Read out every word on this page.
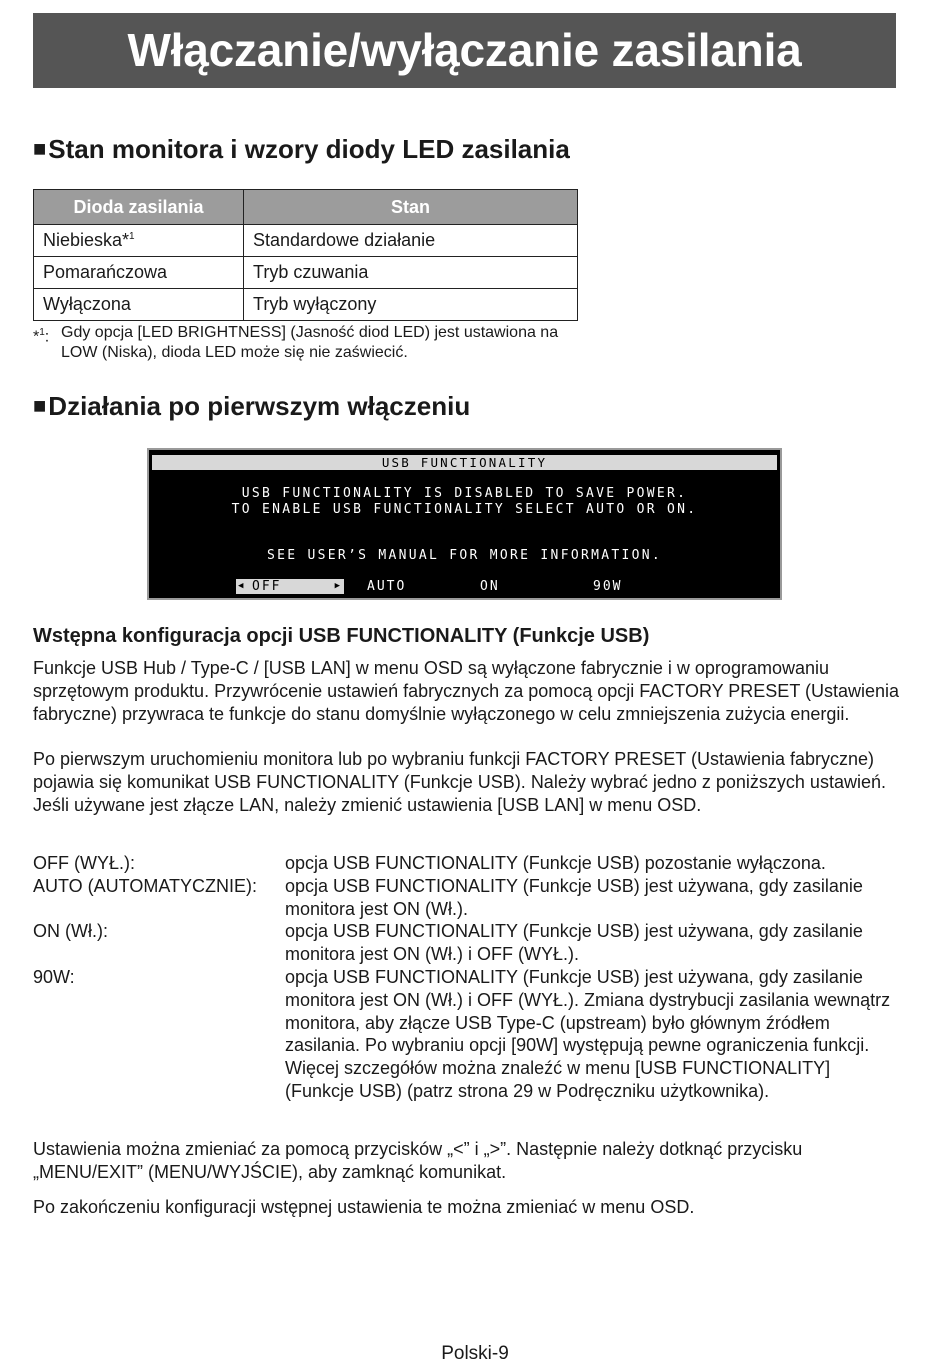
Włączanie/wyłączanie zasilania
■Stan monitora i wzory diody LED zasilania
Dioda zasilania	Stan
Niebieska*$^1$	Standardowe działanie
Pomarańczowa	Tryb czuwania
Wyłączona	Tryb wyłączony
*$^1$: Gdy opcja [LED BRIGHTNESS] (Jasność diod LED) jest ustawiona na LOW (Niska), dioda LED może się nie zaświecić.
■Działania po pierwszym włączeniu
USB FUNCTIONALITY
USB FUNCTIONALITY IS DISABLED TO SAVE POWER.
TO ENABLE USB FUNCTIONALITY SELECT AUTO OR ON.
SEE USER’S MANUAL FOR MORE INFORMATION.
◀ OFF	▶ AUTO	ON	90W
Wstępna konfiguracja opcji USB FUNCTIONALITY (Funkcje USB)
Funkcje USB Hub / Type-C / [USB LAN] w menu OSD są wyłączone fabrycznie i w oprogramowaniu sprzętowym produktu. Przywrócenie ustawień fabrycznych za pomocą opcji FACTORY PRESET (Ustawienia fabryczne) przywraca te funkcje do stanu domyślnie wyłączonego w celu zmniejszenia zużycia energii.
Po pierwszym uruchomieniu monitora lub po wybraniu funkcji FACTORY PRESET (Ustawienia fabryczne) pojawia się komunikat USB FUNCTIONALITY (Funkcje USB). Należy wybrać jedno z poniższych ustawień. Jeśli używane jest złącze LAN, należy zmienić ustawienia [USB LAN] w menu OSD.
OFF (WYŁ.):	opcja USB FUNCTIONALITY (Funkcje USB) pozostanie wyłączona.
AUTO (AUTOMATYCZNIE): opcja USB FUNCTIONALITY (Funkcje USB) jest używana, gdy zasilanie monitora jest ON (Wł.).
ON (Wł.):	opcja USB FUNCTIONALITY (Funkcje USB) jest używana, gdy zasilanie monitora jest ON (Wł.) i OFF (WYŁ.).
90W:	opcja USB FUNCTIONALITY (Funkcje USB) jest używana, gdy zasilanie monitora jest ON (Wł.) i OFF (WYŁ.). Zmiana dystrybucji zasilania wewnątrz monitora, aby złącze USB Type-C (upstream) było głównym źródłem zasilania. Po wybraniu opcji [90W] występują pewne ograniczenia funkcji. Więcej szczegółów można znaleźć w menu [USB FUNCTIONALITY] (Funkcje USB) (patrz strona 29 w Podręczniku użytkownika).
Ustawienia można zmieniać za pomocą przycisków „<” i „>”. Następnie należy dotknąć przycisku „MENU/EXIT” (MENU/WYJŚCIE), aby zamknąć komunikat.
Po zakończeniu konfiguracji wstępnej ustawienia te można zmieniać w menu OSD.
Polski-9
